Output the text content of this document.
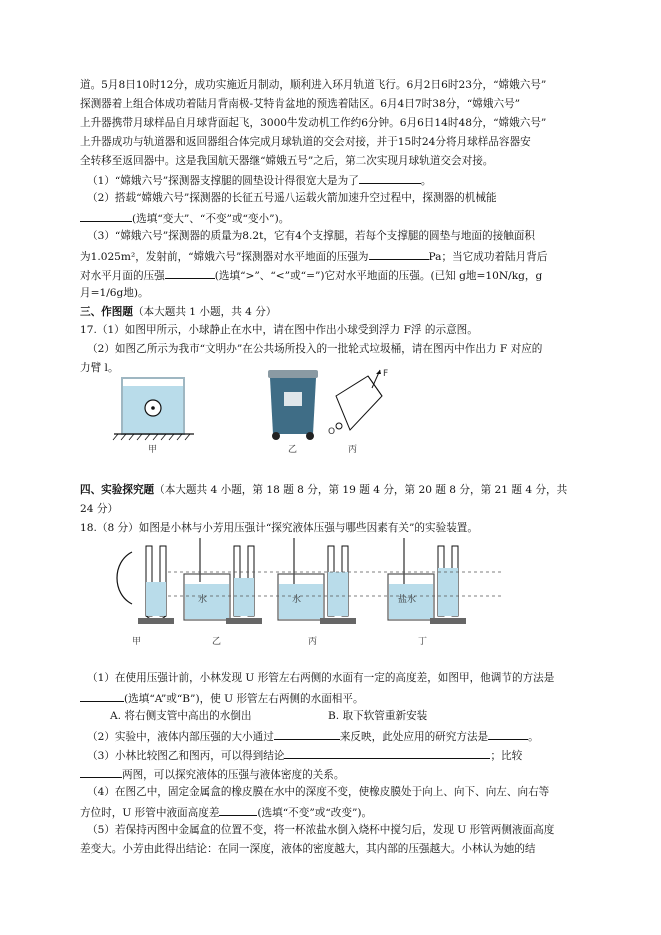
道。5月8日10时12分，成功实施近月制动，顺利进入环月轨道飞行。6月2日6时23分，“嫦娥六号”
探测器着上组合体成功着陆月背南极-艾特肯盆地的预选着陆区。6月4日7时38分，“嫦娥六号”
上升器携带月球样品自月球背面起飞，3000牛发动机工作约6分钟。6月6日14时48分，“嫦娥六号”
上升器成功与轨道器和返回器组合体完成月球轨道的交会对接，并于15时24分将月球样品容器安
全转移至返回器中。这是我国航天器继“嫦娥五号”之后，第二次实现月球轨道交会对接。
（1）“嫦娥六号”探测器支撑腿的圆垫设计得很宽大是为了	。
（2）搭载“嫦娥六号”探测器的长征五号遥八运载火箭加速升空过程中，探测器的机械能
(选填“变大”、“不变”或“变小”)。
（3）“嫦娥六号”探测器的质量为8.2t，它有4个支撑腿，若每个支撑腿的圆垫与地面的接触面积
为1.025m²，发射前，“嫦娥六号”探测器对水平地面的压强为	Pa；当它成功着陆月背后
对水平月面的压强	(选填“>”、“<”或“=”)它对水平地面的压强。(已知 g地=10N/kg，g
月=1/6g地)。
三、作图题（本大题共 1 小题，共 4 分）
17.（1）如图甲所示，小球静止在水中，请在图中作出小球受到浮力 F浮 的示意图。
（2）如图乙所示为我市“文明办”在公共场所投入的一批轮式垃圾桶，请在图丙中作出力 F 对应的
力臂 l。
甲	乙
F
O
丙
四、实验探究题（本大题共 4 小题，第 18 题 8 分，第 19 题 4 分，第 20 题 8 分，第 21 题 4 分，共
24 分）
18.（8 分）如图是小林与小芳用压强计“探究液体压强与哪些因素有关”的实验装置。
甲
水
乙
水
丙
盐水
丁
（1）在使用压强计前，小林发现 U 形管左右两侧的水面有一定的高度差，如图甲，他调节的方法是
(选填“A”或“B”)，使 U 形管左右两侧的水面相平。
A. 将右侧支管中高出的水倒出	B. 取下软管重新安装
（2）实验中，液体内部压强的大小通过	来反映，此处应用的研究方法是	。
（3）小林比较图乙和图丙，可以得到结论	；比较
两图，可以探究液体的压强与液体密度的关系。
（4）在图乙中，固定金属盒的橡皮膜在水中的深度不变，使橡皮膜处于向上、向下、向左、向右等
方位时，U 形管中液面高度差	(选填“不变”或“改变”)。
（5）若保持丙图中金属盒的位置不变，将一杯浓盐水倒入烧杯中搅匀后，发现 U 形管两侧液面高度
差变大。小芳由此得出结论：在同一深度，液体的密度越大，其内部的压强越大。小林认为她的结
